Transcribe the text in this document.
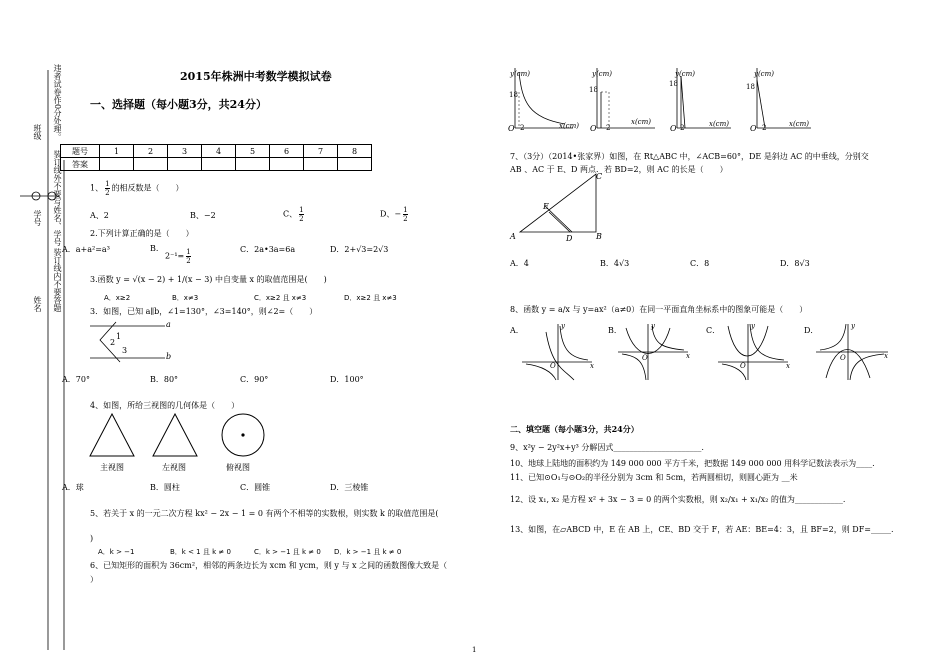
班级
学号
姓名
违者试卷作0分处理。
装订线外不要写姓名、学号
装订线内不要答题
2015年株洲中考数学模拟试卷
一、选择题（每小题3分，共24分）
题号	1	2	3	4	5	6	7	8
答案								
1、 $\frac{1}{2}$ 的相反数是（　　）
A、2	B、−2	C、 $\frac{1}{2}$	D、− $\frac{1}{2}$
2.下列计算正确的是（　　）
A．a+a²=a³	B.
$2^{-1}= \frac{1}{2}$	C．2a•3a=6a	D．2+√3=2√3
3.函数 y = √(x − 2) + 1/(x − 3) 中自变量 x 的取值范围是(　　)
A．x≥2	B．x≠3	C．x≥2 且 x≠3	D．x≥2 且 x≠3
3．如图，已知 a∥b，∠1=130°，∠3=140°，则∠2=（　　）
a
b
1
2
3
A．70°	B．80°	C．90°	D．100°
4、如图，所给三视图的几何体是（　　）
主视图	左视图	俯视图
A．球	B．圆柱	C．圆锥	D．三棱锥
5、若关于 x 的一元二次方程 kx² − 2x − 1 = 0 有两个不相等的实数根，则实数 k 的取值范围是(
)
A．k > −1	B．k < 1 且 k ≠ 0	C．k > −1 且 k ≠ 0 D．k > −1 且 k ≠ 0
6、已知矩形的面积为 36cm²，相邻的两条边长为 xcm 和 ycm，则 y 与 x 之间的函数图像大致是（
）
y(cm)
18
O 2	x(cm)
y(cm)
18
O 2
x(cm)
y(cm)
18
O 2	x(cm)
y(cm)
18
O 2	x(cm)
7、（3分）（2014•张家界）如图，在 Rt△ABC 中，∠ACB=60°，DE 是斜边 AC 的中垂线，分别交
AB 、AC 于 E、D 两点．若 BD=2，则 AC 的长是（　　）
A	B
C
D
E
A．4	B．4√3	C．8	D．8√3
8、函数 y = a/x 与 y=ax²（a≠0）在同一平面直角坐标系中的图象可能是（　　）
A．	B．	C．	D．
y
x
O
y
x
O
y
x
O
y
x
O
二、填空题（每小题3分，共24分）
9、x²y − 2y²x+y³ 分解因式______________________.
10、地球上陆地的面积约为 149 000 000 平方千米，把数据 149 000 000 用科学记数法表示为____.
11、已知⊙O₁与⊙O₂的半径分别为 3cm 和 5cm，若两圆相切，则圆心距为 __米
12、设 x₁, x₂ 是方程 x² + 3x − 3 = 0 的两个实数根，则 x₂/x₁ + x₁/x₂ 的值为____________.
13、如图，在▱ABCD 中，E 在 AB 上，CE、BD 交于 F，若 AE：BE=4：3，且 BF=2，则 DF=_____.
1
